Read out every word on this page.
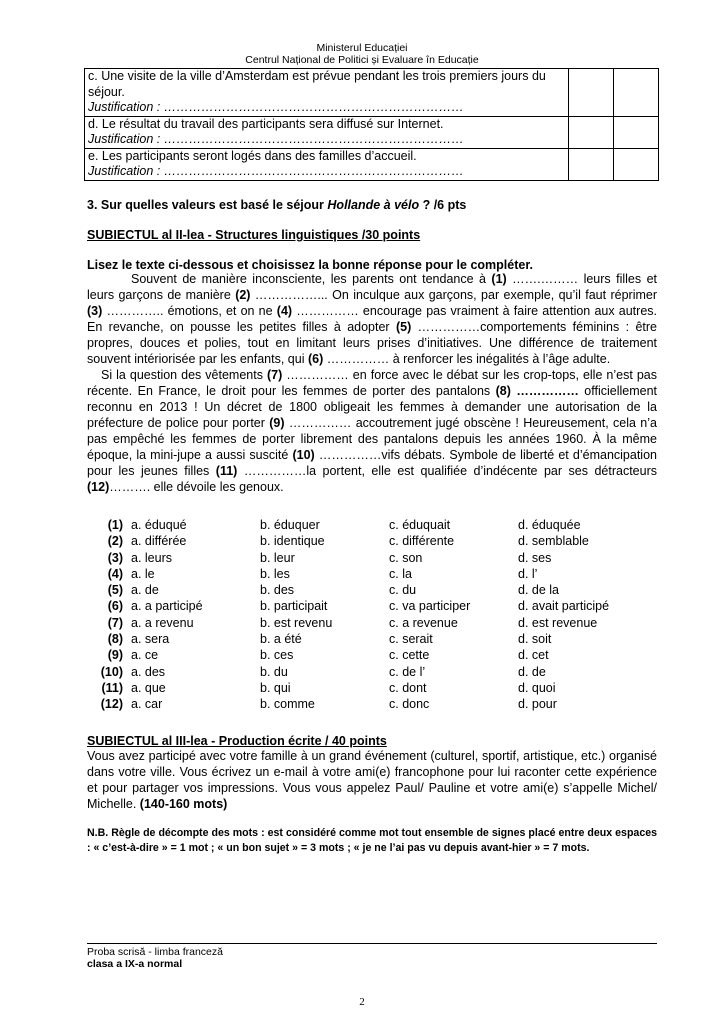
Ministerul Educației
Centrul Național de Politici și Evaluare în Educație
c. Une visite de la ville d’Amsterdam est prévue pendant les trois premiers jours du séjour.
Justification : ………………………………………………………………		

d. Le résultat du travail des participants sera diffusé sur Internet.
Justification : ………………………………………………………………		

e. Les participants seront logés dans des familles d’accueil.
Justification : ………………………………………………………………		

3. Sur quelles valeurs est basé le séjour Hollande à vélo ? /6 pts
SUBIECTUL al II-lea - Structures linguistiques /30 points
Lisez le texte ci-dessous et choisissez la bonne réponse pour le compléter.

Souvent de manière inconsciente, les parents ont tendance à (1) …….……… leurs filles et leurs garçons de manière (2) ……………... On inculque aux garçons, par exemple, qu’il faut réprimer (3) ………….. émotions, et on ne (4) …………… encourage pas vraiment à faire attention aux autres. En revanche, on pousse les petites filles à adopter (5) ……………comportements féminins : être propres, douces et polies, tout en limitant leurs prises d’initiatives. Une différence de traitement souvent intériorisée par les enfants, qui (6) …………… à renforcer les inégalités à l’âge adulte.

Si la question des vêtements (7) …………… en force avec le débat sur les crop-tops, elle n’est pas récente. En France, le droit pour les femmes de porter des pantalons (8) …………… officiellement reconnu en 2013 ! Un décret de 1800 obligeait les femmes à demander une autorisation de la préfecture de police pour porter (9) …………… accoutrement jugé obscène ! Heureusement, cela n’a pas empêché les femmes de porter librement des pantalons depuis les années 1960. À la même époque, la mini-jupe a aussi suscité (10) ……………vifs débats. Symbole de liberté et d’émancipation pour les jeunes filles (11) ……………la portent, elle est qualifiée d’indécente par ses détracteurs (12)………. elle dévoile les genoux.

(1) a. éduqué	b. éduquer	c. éduquait	d. éduquée
(2) a. différée	b. identique	c. différente	d. semblable
(3) a. leurs	b. leur	c. son	d. ses
(4) a. le	b. les	c. la	d. l’
(5) a. de	b. des	c. du	d. de la
(6) a. a participé	b. participait	c. va participer	d. avait participé
(7) a. a revenu	b. est revenu	c. a revenue	d. est revenue
(8) a. sera	b. a été	c. serait	d. soit
(9) a. ce	b. ces	c. cette	d. cet
(10) a. des	b. du	c. de l’	d. de
(11) a. que	b. qui	c. dont	d. quoi
(12) a. car	b. comme	c. donc	d. pour
SUBIECTUL al III-lea - Production écrite / 40 points
Vous avez participé avec votre famille à un grand événement (culturel, sportif, artistique, etc.) organisé dans votre ville. Vous écrivez un e-mail à votre ami(e) francophone pour lui raconter cette expérience et pour partager vos impressions. Vous vous appelez Paul/ Pauline et votre ami(e) s’appelle Michel/ Michelle. (140-160 mots)
N.B. Règle de décompte des mots : est considéré comme mot tout ensemble de signes placé entre deux espaces : « c’est-à-dire » = 1 mot ; « un bon sujet » = 3 mots ; « je ne l’ai pas vu depuis avant-hier » = 7 mots.
Proba scrisă - limba franceză
clasa a IX-a normal
2
